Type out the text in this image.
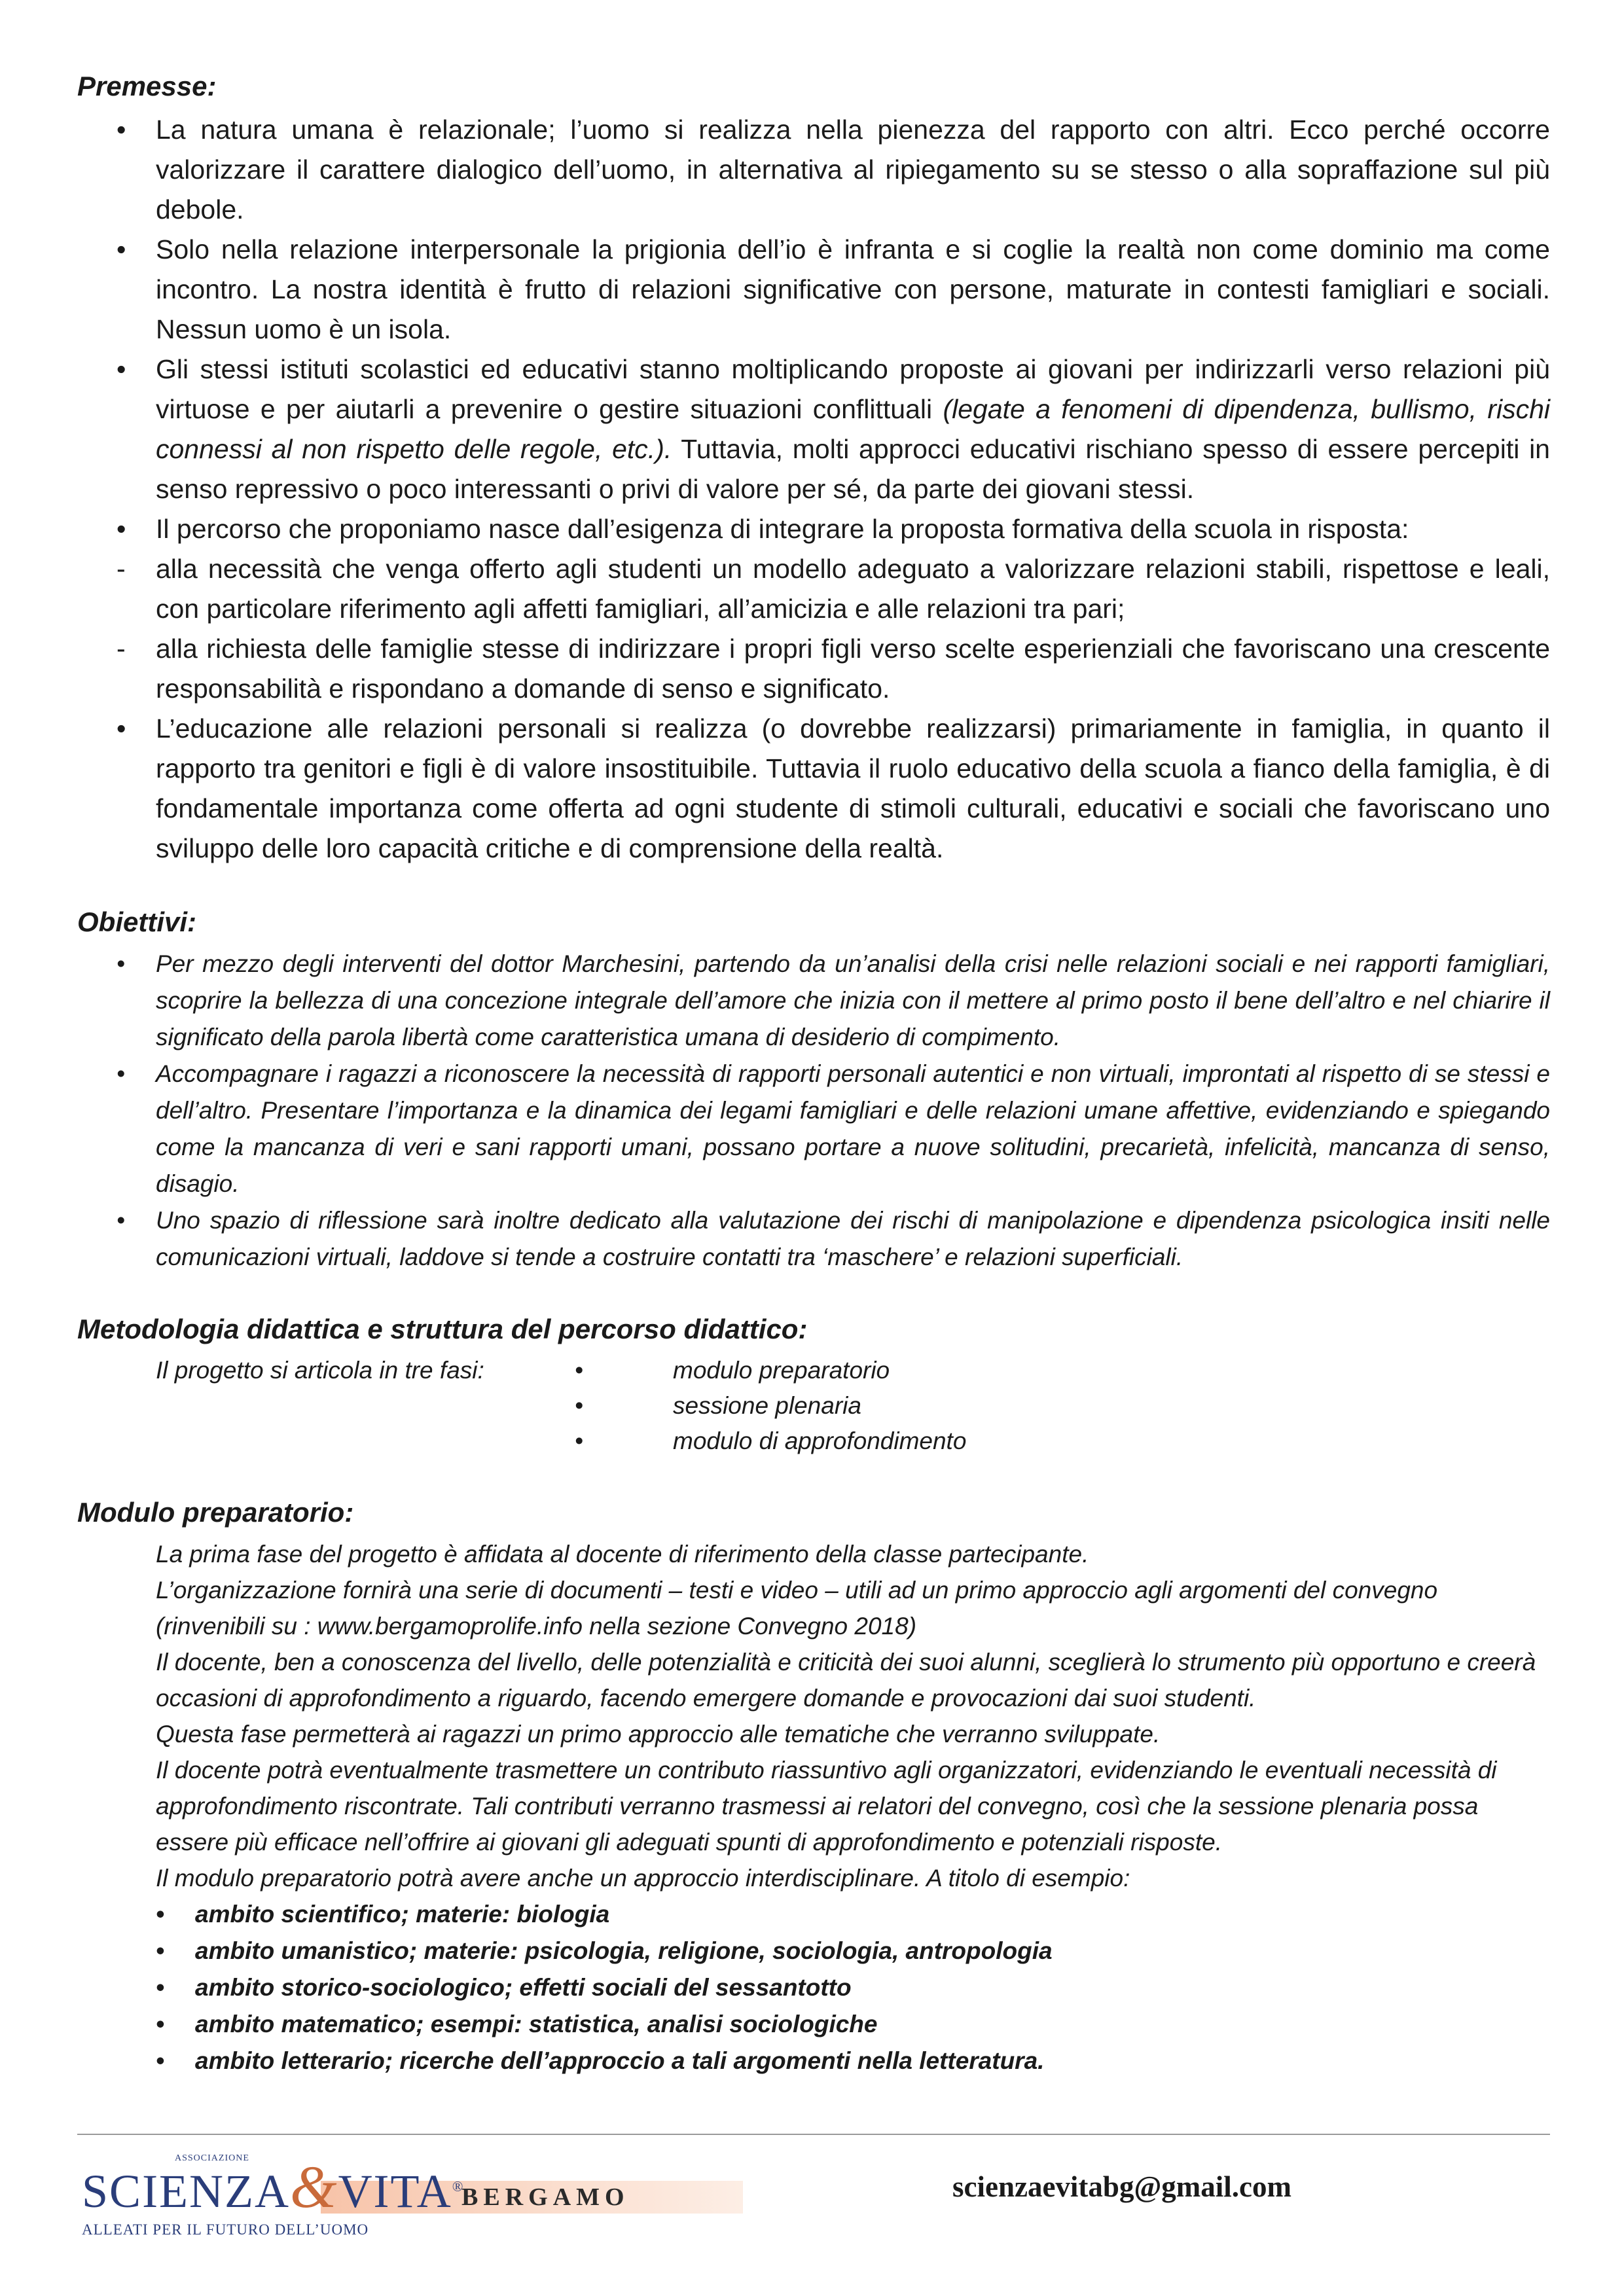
Premesse:
•	La natura umana è relazionale; l’uomo si realizza nella pienezza del rapporto con altri. Ecco perché occorre valorizzare il carattere dialogico dell’uomo, in alternativa al ripiegamento su se stesso o alla sopraffazione sul più debole.
•	Solo nella relazione interpersonale la prigionia dell’io è infranta e si coglie la realtà non come dominio ma come incontro. La nostra identità è frutto di relazioni significative con persone, maturate in contesti famigliari e sociali. Nessun uomo è un isola.
•	Gli stessi istituti scolastici ed educativi stanno moltiplicando proposte ai giovani per indirizzarli verso relazioni più virtuose e per aiutarli a prevenire o gestire situazioni conflittuali (legate a fenomeni di dipendenza, bullismo, rischi connessi al non rispetto delle regole, etc.). Tuttavia, molti approcci educativi rischiano spesso di essere percepiti in senso repressivo o poco interessanti o privi di valore per sé, da parte dei giovani stessi.
•	Il percorso che proponiamo nasce dall’esigenza di integrare la proposta formativa della scuola in risposta:
-	alla necessità che venga offerto agli studenti un modello adeguato a valorizzare relazioni stabili, rispettose e leali, con particolare riferimento agli affetti famigliari, all’amicizia e alle relazioni tra pari;
-	alla richiesta delle famiglie stesse di indirizzare i propri figli verso scelte esperienziali che favoriscano una crescente responsabilità e rispondano a domande di senso e significato.
•	L’educazione alle relazioni personali si realizza (o dovrebbe realizzarsi) primariamente in famiglia, in quanto il rapporto tra genitori e figli è di valore insostituibile. Tuttavia il ruolo educativo della scuola a fianco della famiglia, è di fondamentale importanza come offerta ad ogni studente di stimoli culturali, educativi e sociali che favoriscano uno sviluppo delle loro capacità critiche e di comprensione della realtà.
Obiettivi:
•	Per mezzo degli interventi del dottor Marchesini, partendo da un’analisi della crisi nelle relazioni sociali e nei rapporti famigliari, scoprire la bellezza di una concezione integrale dell’amore che inizia con il mettere al primo posto il bene dell’altro e nel chiarire il significato della parola libertà come caratteristica umana di desiderio di compimento.
•	Accompagnare i ragazzi a riconoscere la necessità di rapporti personali autentici e non virtuali, improntati al rispetto di se stessi e dell’altro. Presentare l’importanza e la dinamica dei legami famigliari e delle relazioni umane affettive, evidenziando e spiegando come la mancanza di veri e sani rapporti umani, possano portare a nuove solitudini, precarietà, infelicità, mancanza di senso, disagio.
•	Uno spazio di riflessione sarà inoltre dedicato alla valutazione dei rischi di manipolazione e dipendenza psicologica insiti nelle comunicazioni virtuali, laddove si tende a costruire contatti tra ‘maschere’ e relazioni superficiali.
Metodologia didattica e struttura del percorso didattico:
Il progetto si articola in tre fasi:	•	modulo preparatorio
•	sessione plenaria
•	modulo di approfondimento
Modulo preparatorio:

La prima fase del progetto è affidata al docente di riferimento della classe partecipante.

L’organizzazione fornirà una serie di documenti – testi e video – utili ad un primo approccio agli argomenti del convegno (rinvenibili su : www.bergamoprolife.info nella sezione Convegno 2018)

Il docente, ben a conoscenza del livello, delle potenzialità e criticità dei suoi alunni, sceglierà lo strumento più opportuno e creerà occasioni di approfondimento a riguardo, facendo emergere domande e provocazioni dai suoi studenti.

Questa fase permetterà ai ragazzi un primo approccio alle tematiche che verranno sviluppate.

Il docente potrà eventualmente trasmettere un contributo riassuntivo agli organizzatori, evidenziando le eventuali necessità di approfondimento riscontrate. Tali contributi verranno trasmessi ai relatori del convegno, così che la sessione plenaria possa essere più efficace nell’offrire ai giovani gli adeguati spunti di approfondimento e potenziali risposte.

Il modulo preparatorio potrà avere anche un approccio interdisciplinare. A titolo di esempio:

• ambito scientifico; materie: biologia
• ambito umanistico; materie: psicologia, religione, sociologia, antropologia
• ambito storico-sociologico; effetti sociali del sessantotto
• ambito matematico; esempi: statistica, analisi sociologiche
• ambito letterario; ricerche dell’approccio a tali argomenti nella letteratura.
ASSOCIAZIONE
SCIENZA&VITA®
BERGAMO
ALLEATI PER IL FUTURO DELL’UOMO
scienzaevitabg@gmail.com
